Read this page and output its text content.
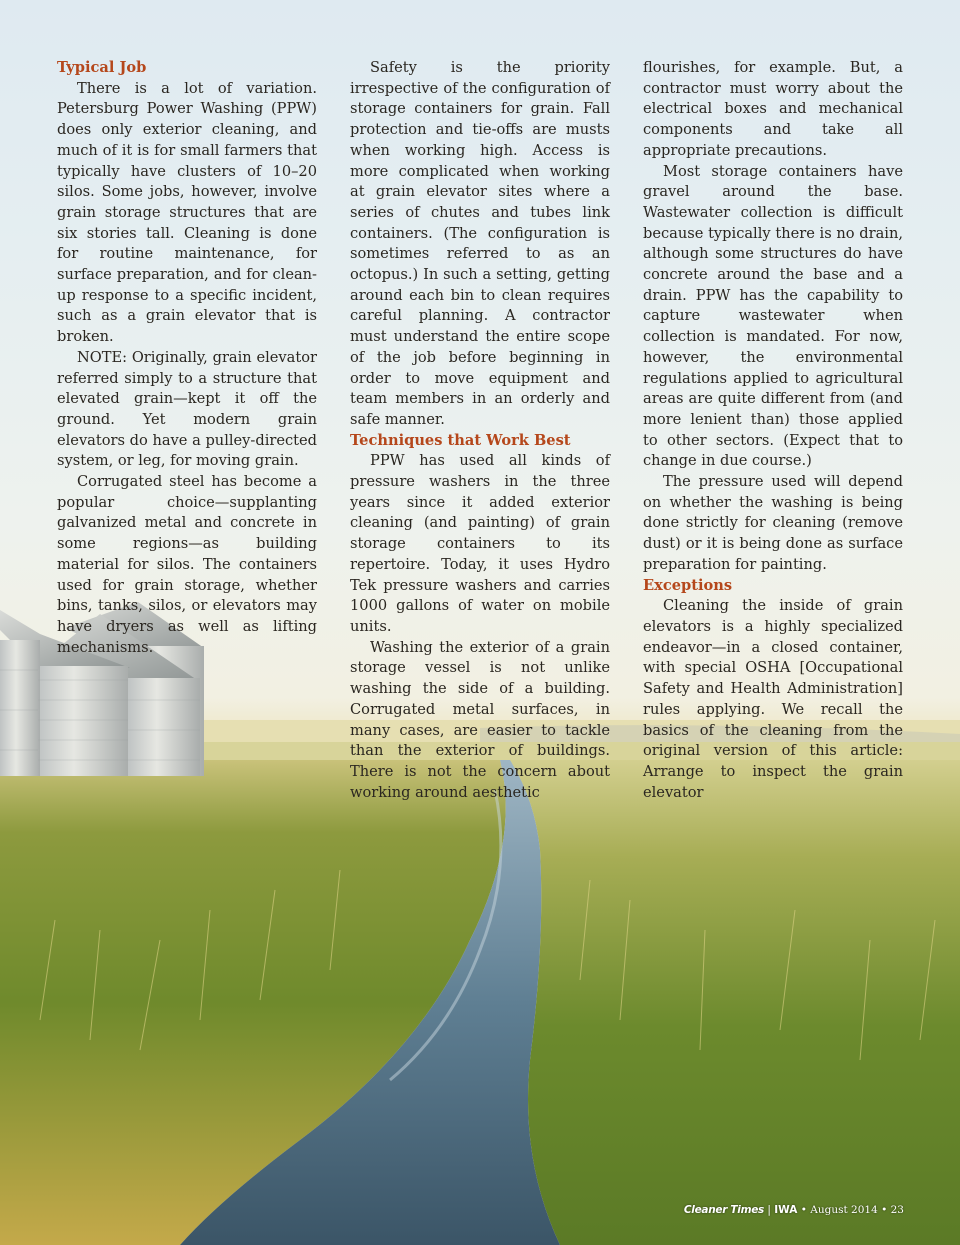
Typical Job

There is a lot of variation. Petersburg Power Washing (PPW) does only exterior cleaning, and much of it is for small farmers that typically have clusters of 10–20 silos. Some jobs, however, involve grain storage structures that are six stories tall. Cleaning is done for routine maintenance, for surface preparation, and for clean-up response to a specific incident, such as a grain elevator that is broken.

NOTE: Originally, grain elevator referred simply to a structure that elevated grain—kept it off the ground. Yet modern grain elevators do have a pulley-directed system, or leg, for moving grain.

Corrugated steel has become a popular choice—supplanting galvanized metal and concrete in some regions—as building material for silos. The containers used for grain storage, whether bins, tanks, silos, or elevators may have dryers as well as lifting mechanisms.

Safety is the priority irrespective of the configuration of storage containers for grain. Fall protection and tie-offs are musts when working high. Access is more complicated when working at grain elevator sites where a series of chutes and tubes link containers. (The configuration is sometimes referred to as an octopus.) In such a setting, getting around each bin to clean requires careful planning. A contractor must understand the entire scope of the job before beginning in order to move equipment and team members in an orderly and safe manner.

Techniques that Work Best

PPW has used all kinds of pressure washers in the three years since it added exterior cleaning (and painting) of grain storage containers to its repertoire. Today, it uses Hydro Tek pressure washers and carries 1000 gallons of water on mobile units.

Washing the exterior of a grain storage vessel is not unlike washing the side of a building. Corrugated metal surfaces, in many cases, are easier to tackle than the exterior of buildings. There is not the concern about working around aesthetic

flourishes, for example. But, a contractor must worry about the electrical boxes and mechanical components and take all appropriate precautions.

Most storage containers have gravel around the base. Wastewater collection is difficult because typically there is no drain, although some structures do have concrete around the base and a drain. PPW has the capability to capture wastewater when collection is mandated. For now, however, the environmental regulations applied to agricultural areas are quite different from (and more lenient than) those applied to other sectors. (Expect that to change in due course.)

The pressure used will depend on whether the washing is being done strictly for cleaning (remove dust) or it is being done as surface preparation for painting.

Exceptions

Cleaning the inside of grain elevators is a highly specialized endeavor—in a closed container, with special OSHA [Occupational Safety and Health Administration] rules applying. We recall the basics of the cleaning from the original version of this article: Arrange to inspect the grain elevator

Cleaner Times | IWA • August 2014 • 23
